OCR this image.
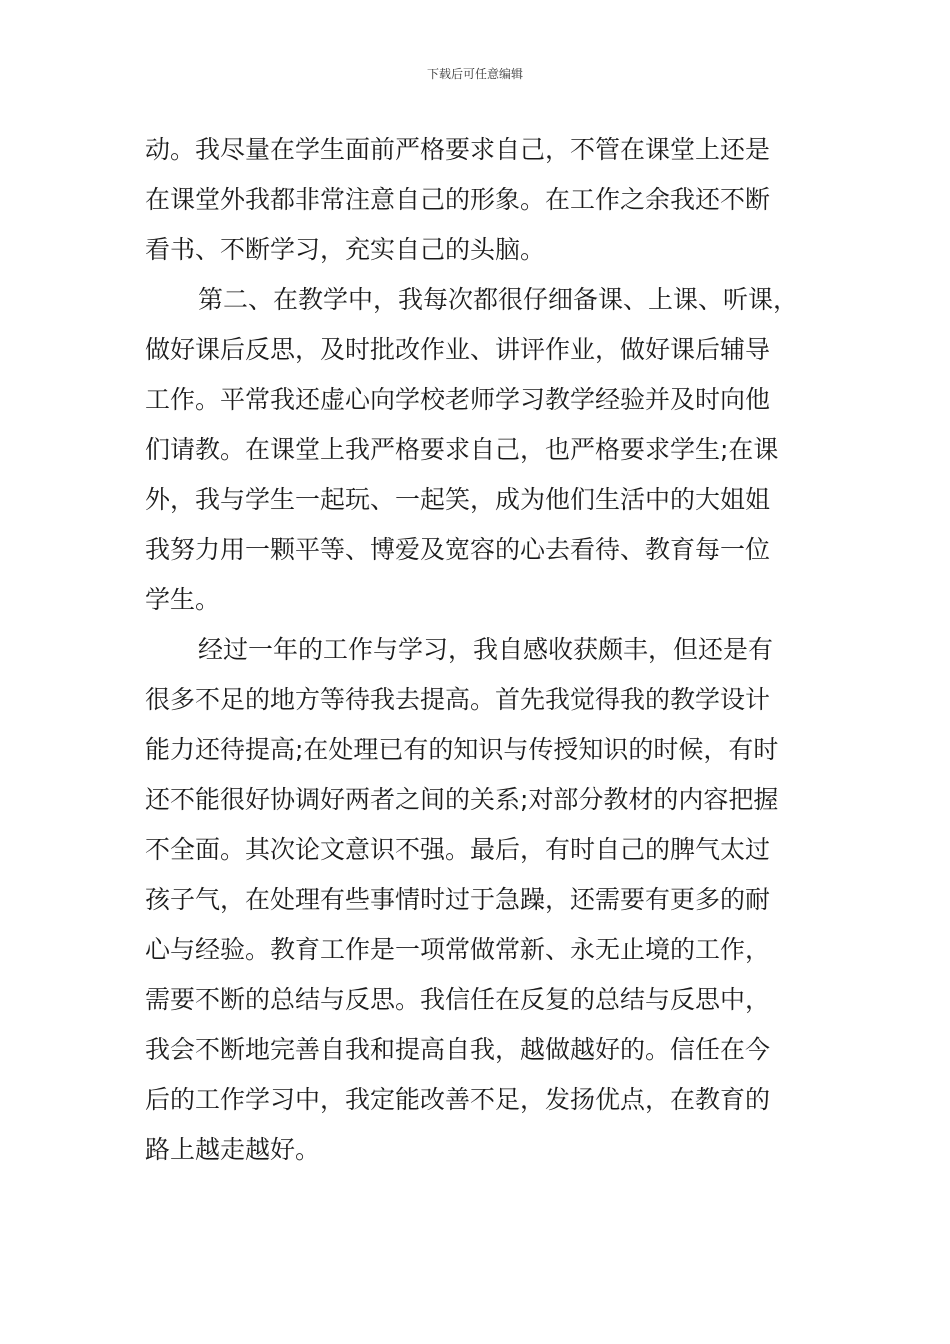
下载后可任意编辑
动。我尽量在学生面前严格要求自己，不管在课堂上还是
在课堂外我都非常注意自己的形象。在工作之余我还不断
看书、不断学习，充实自己的头脑。
第二、在教学中，我每次都很仔细备课、上课、听课，
做好课后反思，及时批改作业、讲评作业，做好课后辅导
工作。平常我还虚心向学校老师学习教学经验并及时向他
们请教。在课堂上我严格要求自己，也严格要求学生;在课
外，我与学生一起玩、一起笑，成为他们生活中的大姐姐
我努力用一颗平等、博爱及宽容的心去看待、教育每一位
学生。
经过一年的工作与学习，我自感收获颇丰，但还是有
很多不足的地方等待我去提高。首先我觉得我的教学设计
能力还待提高;在处理已有的知识与传授知识的时候，有时
还不能很好协调好两者之间的关系;对部分教材的内容把握
不全面。其次论文意识不强。最后，有时自己的脾气太过
孩子气，在处理有些事情时过于急躁，还需要有更多的耐
心与经验。教育工作是一项常做常新、永无止境的工作，
需要不断的总结与反思。我信任在反复的总结与反思中，
我会不断地完善自我和提高自我，越做越好的。信任在今
后的工作学习中，我定能改善不足，发扬优点，在教育的
路上越走越好。
